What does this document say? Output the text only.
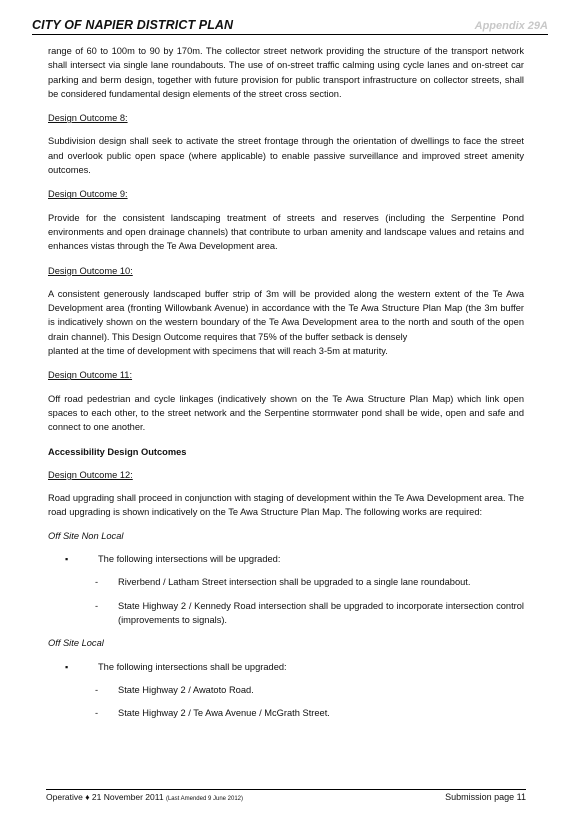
CITY OF NAPIER DISTRICT PLAN	Appendix 29A

range of 60 to 100m to 90 by 170m. The collector street network providing the structure of the transport network shall intersect via single lane roundabouts. The use of on-street traffic calming using cycle lanes and on-street car parking and berm design, together with future provision for public transport infrastructure on collector streets, shall be considered fundamental design elements of the street cross section.

Design Outcome 8:

Subdivision design shall seek to activate the street frontage through the orientation of dwellings to face the street and overlook public open space (where applicable) to enable passive surveillance and improved street amenity outcomes.

Design Outcome 9:

Provide for the consistent landscaping treatment of streets and reserves (including the Serpentine Pond environments and open drainage channels) that contribute to urban amenity and landscape values and retains and enhances vistas through the Te Awa Development area.

Design Outcome 10:

A consistent generously landscaped buffer strip of 3m will be provided along the western extent of the Te Awa Development area (fronting Willowbank Avenue) in accordance with the Te Awa Structure Plan Map (the 3m buffer is indicatively shown on the western boundary of the Te Awa Development area to the north and south of the open drain channel). This Design Outcome requires that 75% of the buffer setback is densely

planted at the time of development with specimens that will reach 3-5m at maturity.

Design Outcome 11:

Off road pedestrian and cycle linkages (indicatively shown on the Te Awa Structure Plan Map) which link open spaces to each other, to the street network and the Serpentine stormwater pond shall be wide, open and safe and connect to one another.

Accessibility Design Outcomes

Design Outcome 12:

Road upgrading shall proceed in conjunction with staging of development within the Te Awa Development area. The road upgrading is shown indicatively on the Te Awa Structure Plan Map. The following works are required:

Off Site Non Local

▪	The following intersections will be upgraded:

- Riverbend / Latham Street intersection shall be upgraded to a single lane roundabout.

- State Highway 2 / Kennedy Road intersection shall be upgraded to incorporate intersection control (improvements to signals).

Off Site Local

▪	The following intersections shall be upgraded:

- State Highway 2 / Awatoto Road.

- State Highway 2 / Te Awa Avenue / McGrath Street.

Operative ♦ 21 November 2011 (Last Amended 9 June 2012)	Submission page 11
